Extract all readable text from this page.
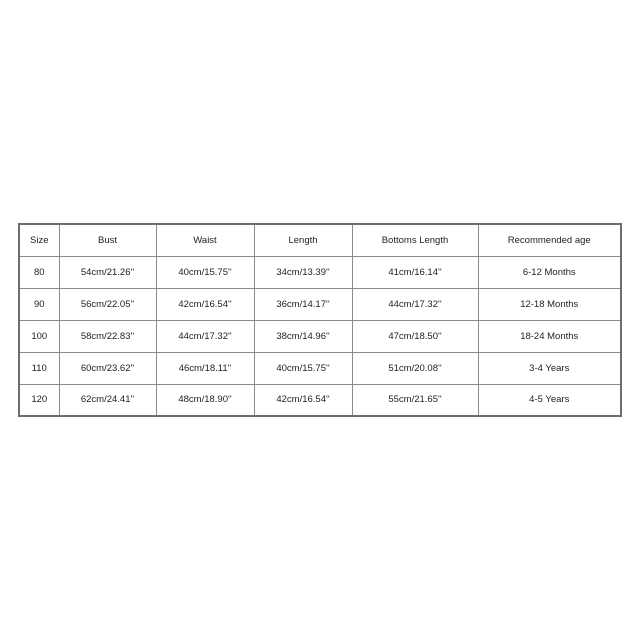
Size	Bust	Waist	Length	Bottoms Length	Recommended age
80	54cm/21.26''	40cm/15.75''	34cm/13.39''	41cm/16.14''	6-12 Months
90	56cm/22.05''	42cm/16.54''	36cm/14.17''	44cm/17.32''	12-18 Months
100	58cm/22.83''	44cm/17.32''	38cm/14.96''	47cm/18.50''	18-24 Months
110	60cm/23.62''	46cm/18.11''	40cm/15.75''	51cm/20.08''	3-4 Years
120	62cm/24.41''	48cm/18.90''	42cm/16.54''	55cm/21.65''	4-5 Years
